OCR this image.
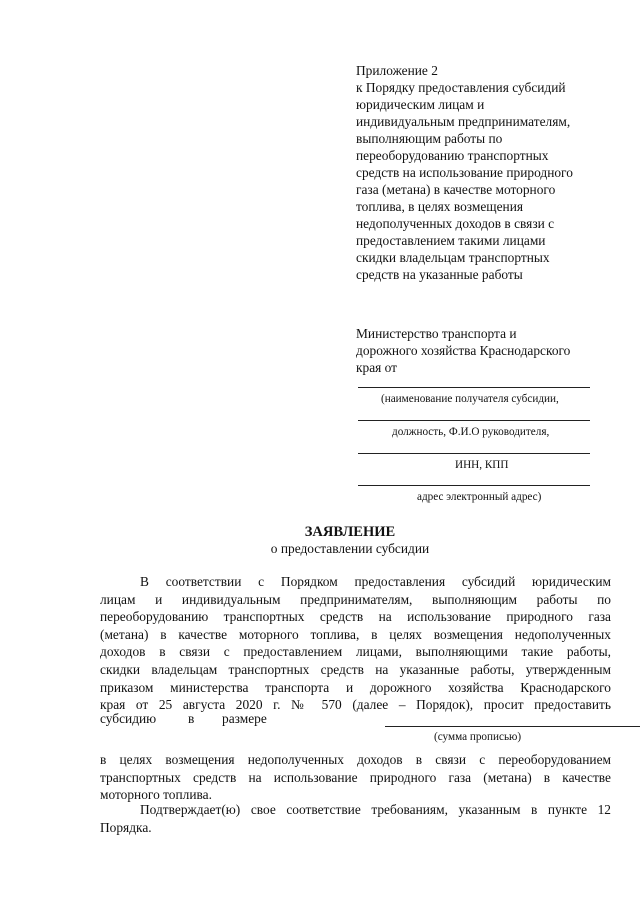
Приложение 2
к Порядку предоставления субсидий
юридическим лицам и
индивидуальным предпринимателям,
выполняющим работы по
переоборудованию транспортных
средств на использование природного
газа (метана) в качестве моторного
топлива, в целях возмещения
недополученных доходов в связи с
предоставлением такими лицами
скидки владельцам транспортных
средств на указанные работы
Министерство транспорта и
дорожного хозяйства Краснодарского
края от
(наименование получателя субсидии,
должность, Ф.И.О руководителя,
ИНН, КПП
адрес электронный адрес)
ЗАЯВЛЕНИЕ
о предоставлении субсидии
В соответствии с Порядком предоставления субсидий юридическим
лицам и индивидуальным предпринимателям, выполняющим работы по
переоборудованию транспортных средств на использование природного газа
(метана) в качестве моторного топлива, в целях возмещения недополученных
доходов в связи с предоставлением лицами, выполняющими такие работы,
скидки владельцам транспортных средств на указанные работы, утвержденным
приказом министерства транспорта и дорожного хозяйства Краснодарского
края от 25 августа 2020 г. № 570 (далее – Порядок), просит предоставить
субсидию в размере
(сумма прописью)
в целях возмещения недополученных доходов в связи с переоборудованием
транспортных средств на использование природного газа (метана) в качестве
моторного топлива.
Подтверждает(ю) свое соответствие требованиям, указанным в пункте 12
Порядка.
